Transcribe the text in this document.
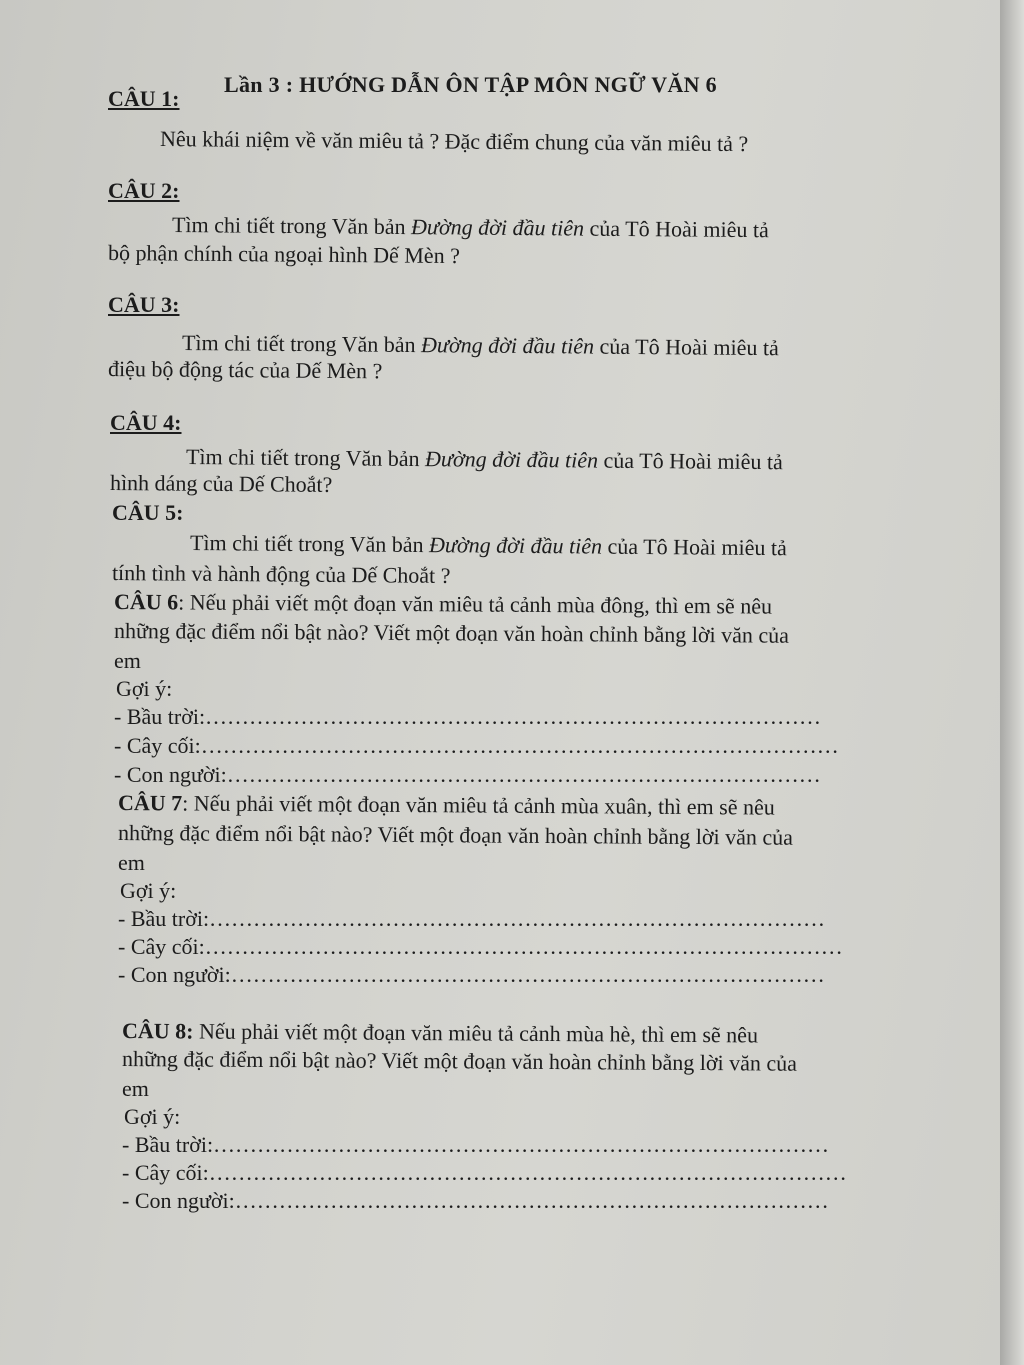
Lần 3 : HƯỚNG DẪN ÔN TẬP MÔN NGỮ VĂN 6
CÂU 1:
Nêu khái niệm về văn miêu tả ? Đặc điểm chung của văn miêu tả ?
CÂU 2:
Tìm chi tiết trong Văn bản Đường đời đầu tiên của Tô Hoài miêu tả
bộ phận chính của ngoại hình Dế Mèn ?
CÂU 3:
Tìm chi tiết trong Văn bản Đường đời đầu tiên của Tô Hoài miêu tả
điệu bộ động tác của Dế Mèn ?
CÂU 4:
Tìm chi tiết trong Văn bản Đường đời đầu tiên của Tô Hoài miêu tả
hình dáng của Dế Choắt?
CÂU 5:
Tìm chi tiết trong Văn bản Đường đời đầu tiên của Tô Hoài miêu tả
tính tình và hành động của Dế Choắt ?
CÂU 6: Nếu phải viết một đoạn văn miêu tả cảnh mùa đông, thì em sẽ nêu
những đặc điểm nổi bật nào? Viết một đoạn văn hoàn chỉnh bằng lời văn của
em
Gợi ý:
- Bầu trời:…………………………………………………………………………
- Cây cối:……………………………………………………………………………
- Con người:………………………………………………………………………
CÂU 7: Nếu phải viết một đoạn văn miêu tả cảnh mùa xuân, thì em sẽ nêu
những đặc điểm nổi bật nào? Viết một đoạn văn hoàn chỉnh bằng lời văn của
em
Gợi ý:
- Bầu trời:…………………………………………………………………………
- Cây cối:……………………………………………………………………………
- Con người:………………………………………………………………………
CÂU 8: Nếu phải viết một đoạn văn miêu tả cảnh mùa hè, thì em sẽ nêu
những đặc điểm nổi bật nào? Viết một đoạn văn hoàn chỉnh bằng lời văn của
em
Gợi ý:
- Bầu trời:…………………………………………………………………………
- Cây cối:……………………………………………………………………………
- Con người:………………………………………………………………………
